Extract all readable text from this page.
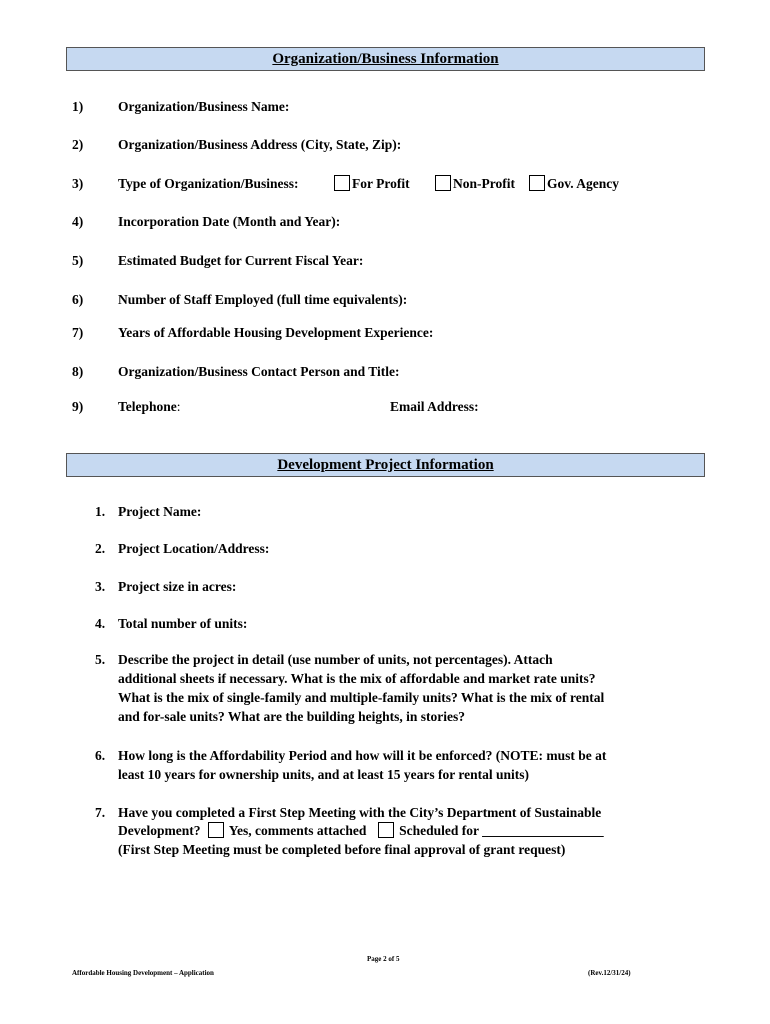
Organization/Business Information
1)	Organization/Business Name:
2)	Organization/Business Address (City, State, Zip):
3)	Type of Organization/Business:	For Profit	Non-Profit	Gov. Agency
4)	Incorporation Date (Month and Year):
5)	Estimated Budget for Current Fiscal Year:
6)	Number of Staff Employed (full time equivalents):
7)	Years of Affordable Housing Development Experience:
8)	Organization/Business Contact Person and Title:
9)	Telephone:	Email Address:
Development Project Information
1. Project Name:
2. Project Location/Address:
3. Project size in acres:
4. Total number of units:
5. Describe the project in detail (use number of units, not percentages). Attach
additional sheets if necessary. What is the mix of affordable and market rate units?
What is the mix of single-family and multiple-family units? What is the mix of rental
and for-sale units? What are the building heights, in stories?
6. How long is the Affordability Period and how will it be enforced? (NOTE: must be at
least 10 years for ownership units, and at least 15 years for rental units)
7. Have you completed a First Step Meeting with the City’s Department of Sustainable
Development? Yes, comments attached Scheduled for __________________
(First Step Meeting must be completed before final approval of grant request)
Page 2 of 5
Affordable Housing Development – Application	(Rev.12/31/24)
